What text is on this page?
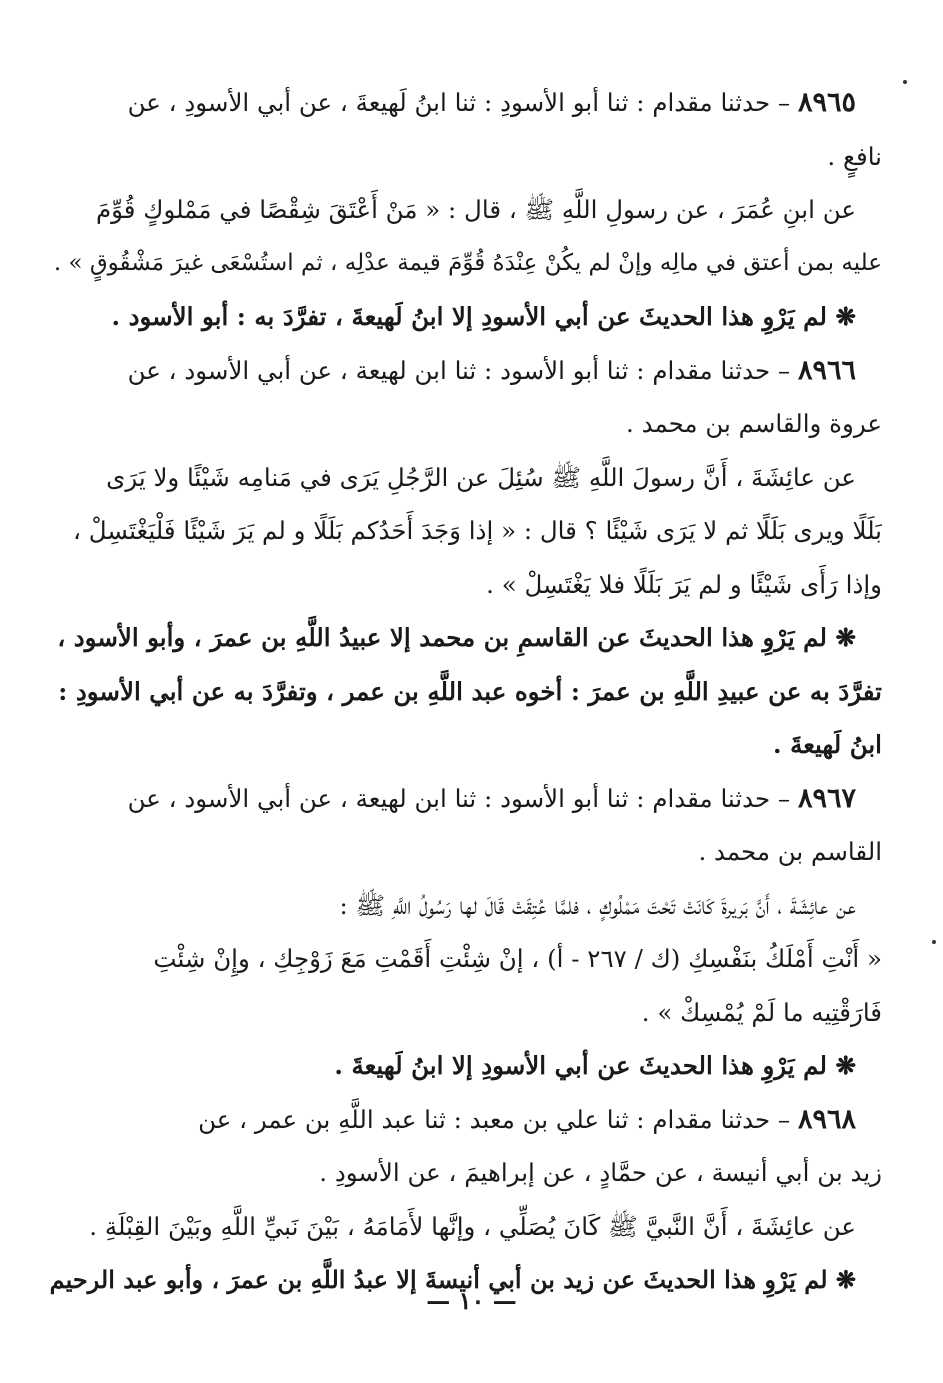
٨٩٦٥ – حدثنا مقدام : ثنا أبو الأسودِ : ثنا ابنُ لَهيعةَ ، عن أبي الأسودِ ، عن
نافعٍ .
عن ابنِ عُمَرَ ، عن رسولِ اللَّهِ ﷺ ، قال : « مَنْ أَعْتَقَ شِقْصًا في مَمْلوكٍ قُوِّمَ
عليه بمن أعتق في مالِه وإنْ لم يكُنْ عِنْدَهُ قُوِّمَ قيمة عدْلِه ، ثم استُسْعَى غيرَ مَشْقُوقٍ » .
❋ لم يَرْوِ هذا الحديثَ عن أبي الأسودِ إلا ابنُ لَهيعةَ ، تفرَّدَ به : أبو الأسود .
٨٩٦٦ – حدثنا مقدام : ثنا أبو الأسود : ثنا ابن لهيعة ، عن أبي الأسود ، عن
عروة والقاسم بن محمد .
عن عائِشَةَ ، أَنَّ رسولَ اللَّهِ ﷺ سُئِلَ عن الرَّجُلِ يَرَى في مَنامِه شَيْئًا ولا يَرَى
بَلَلًا ويرى بَلَلًا ثم لا يَرَى شَيْئًا ؟ قال : « إذا وَجَدَ أَحَدُكم بَلَلًا و لم يَرَ شَيْئًا فَلْيَغْتَسِلْ ،
وإذا رَأَى شَيْئًا و لم يَرَ بَلَلًا فلا يَغْتَسِلْ » .
❋ لم يَرْوِ هذا الحديثَ عن القاسمِ بن محمد إلا عبيدُ اللَّهِ بن عمرَ ، وأبو الأسود ،
تفرَّدَ به عن عبيدِ اللَّهِ بن عمرَ : أخوه عبد اللَّهِ بن عمر ، وتفرَّدَ به عن أبي الأسودِ :
ابنُ لَهيعةَ .
٨٩٦٧ – حدثنا مقدام : ثنا أبو الأسود : ثنا ابن لهيعة ، عن أبي الأسود ، عن
القاسم بن محمد .
عن عائِشَةَ ، أَنَّ بَريرةَ كَانَتْ تَحْتَ مَمْلُوكٍ ، فلمَّا عُتِقَتْ قَالَ لها رَسُولُ اللَّهِ ﷺ :
« أَنْتِ أَمْلَكُ بنَفْسِكِ (ك / ٢٦٧ - أ) ، إنْ شِئْتِ أَقَمْتِ مَعَ زَوْجِكِ ، وإِنْ شِئْتِ
فَارَقْتِيه ما لَمْ يُمْسِكْ » .
❋ لم يَرْوِ هذا الحديثَ عن أبي الأسودِ إلا ابنُ لَهيعةَ .
٨٩٦٨ – حدثنا مقدام : ثنا علي بن معبد : ثنا عبد اللَّهِ بن عمر ، عن
زيد بن أبي أنيسة ، عن حمَّادٍ ، عن إبراهيمَ ، عن الأسودِ .
عن عائِشَةَ ، أَنَّ النَّبيَّ ﷺ كَانَ يُصَلِّي ، وإنَّها لأَمَامَهُ ، بَيْنَ نَبيِّ اللَّهِ وبَيْنَ القِبْلَةِ .
❋ لم يَرْوِ هذا الحديثَ عن زيد بن أبي أنيسةَ إلا عبدُ اللَّهِ بن عمرَ ، وأبو عبد الرحيم
— ١٠ —
